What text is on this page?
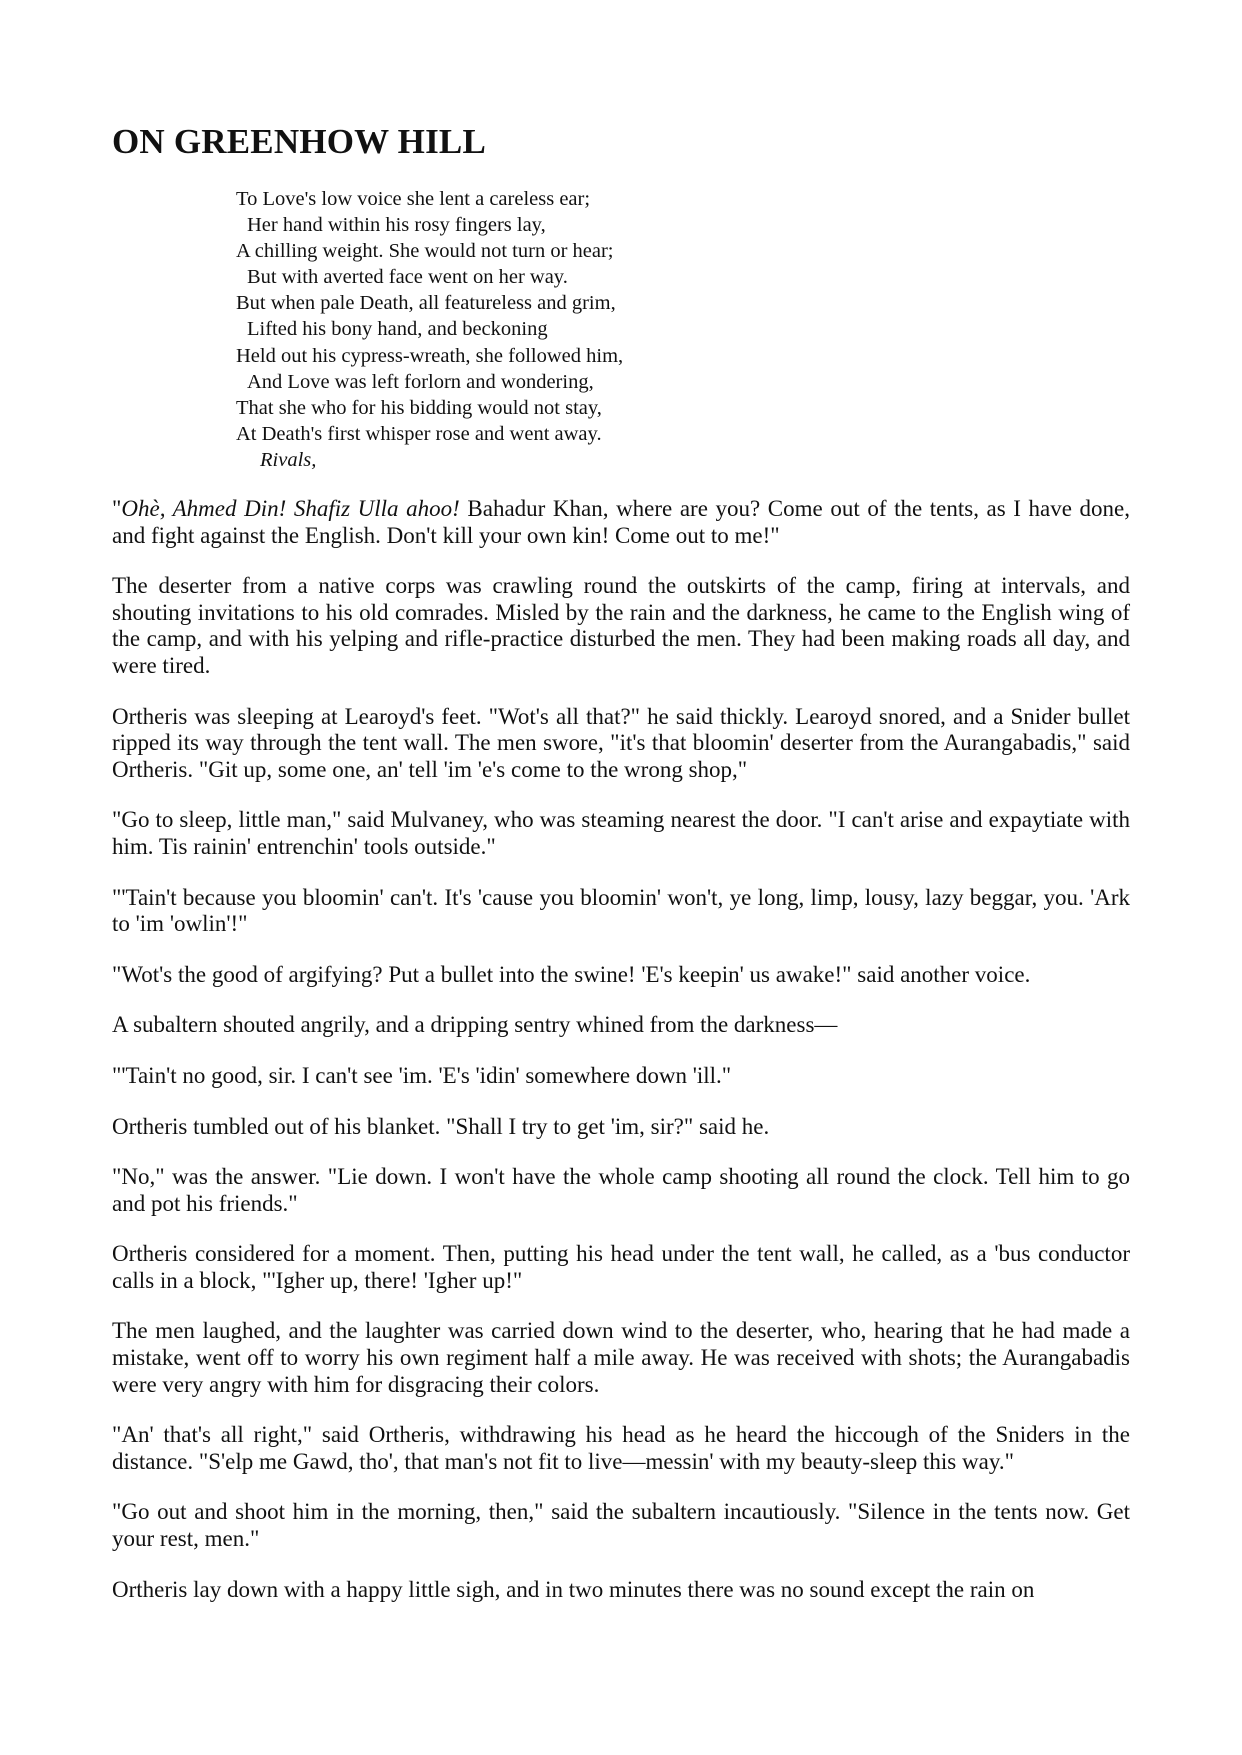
ON GREENHOW HILL
To Love's low voice she lent a careless ear;
Her hand within his rosy fingers lay,
A chilling weight. She would not turn or hear;
But with averted face went on her way.
But when pale Death, all featureless and grim,
Lifted his bony hand, and beckoning
Held out his cypress-wreath, she followed him,
And Love was left forlorn and wondering,
That she who for his bidding would not stay,
At Death's first whisper rose and went away.
Rivals,

"Ohè, Ahmed Din! Shafiz Ulla ahoo! Bahadur Khan, where are you? Come out of the tents, as I have done, and fight against the English. Don't kill your own kin! Come out to me!"

The deserter from a native corps was crawling round the outskirts of the camp, firing at intervals, and shouting invitations to his old comrades. Misled by the rain and the darkness, he came to the English wing of the camp, and with his yelping and rifle-practice disturbed the men. They had been making roads all day, and were tired.

Ortheris was sleeping at Learoyd's feet. "Wot's all that?" he said thickly. Learoyd snored, and a Snider bullet ripped its way through the tent wall. The men swore, "it's that bloomin' deserter from the Aurangabadis," said Ortheris. "Git up, some one, an' tell 'im 'e's come to the wrong shop,"

"Go to sleep, little man," said Mulvaney, who was steaming nearest the door. "I can't arise and expaytiate with him. Tis rainin' entrenchin' tools outside."

"'Tain't because you bloomin' can't. It's 'cause you bloomin' won't, ye long, limp, lousy, lazy beggar, you. 'Ark to 'im 'owlin'!"

"Wot's the good of argifying? Put a bullet into the swine! 'E's keepin' us awake!" said another voice.

A subaltern shouted angrily, and a dripping sentry whined from the darkness—

"'Tain't no good, sir. I can't see 'im. 'E's 'idin' somewhere down 'ill."

Ortheris tumbled out of his blanket. "Shall I try to get 'im, sir?" said he.

"No," was the answer. "Lie down. I won't have the whole camp shooting all round the clock. Tell him to go and pot his friends."

Ortheris considered for a moment. Then, putting his head under the tent wall, he called, as a 'bus conductor calls in a block, "'Igher up, there! 'Igher up!"

The men laughed, and the laughter was carried down wind to the deserter, who, hearing that he had made a mistake, went off to worry his own regiment half a mile away. He was received with shots; the Aurangabadis were very angry with him for disgracing their colors.

"An' that's all right," said Ortheris, withdrawing his head as he heard the hiccough of the Sniders in the distance. "S'elp me Gawd, tho', that man's not fit to live—messin' with my beauty-sleep this way."

"Go out and shoot him in the morning, then," said the subaltern incautiously. "Silence in the tents now. Get your rest, men."

Ortheris lay down with a happy little sigh, and in two minutes there was no sound except the rain on
